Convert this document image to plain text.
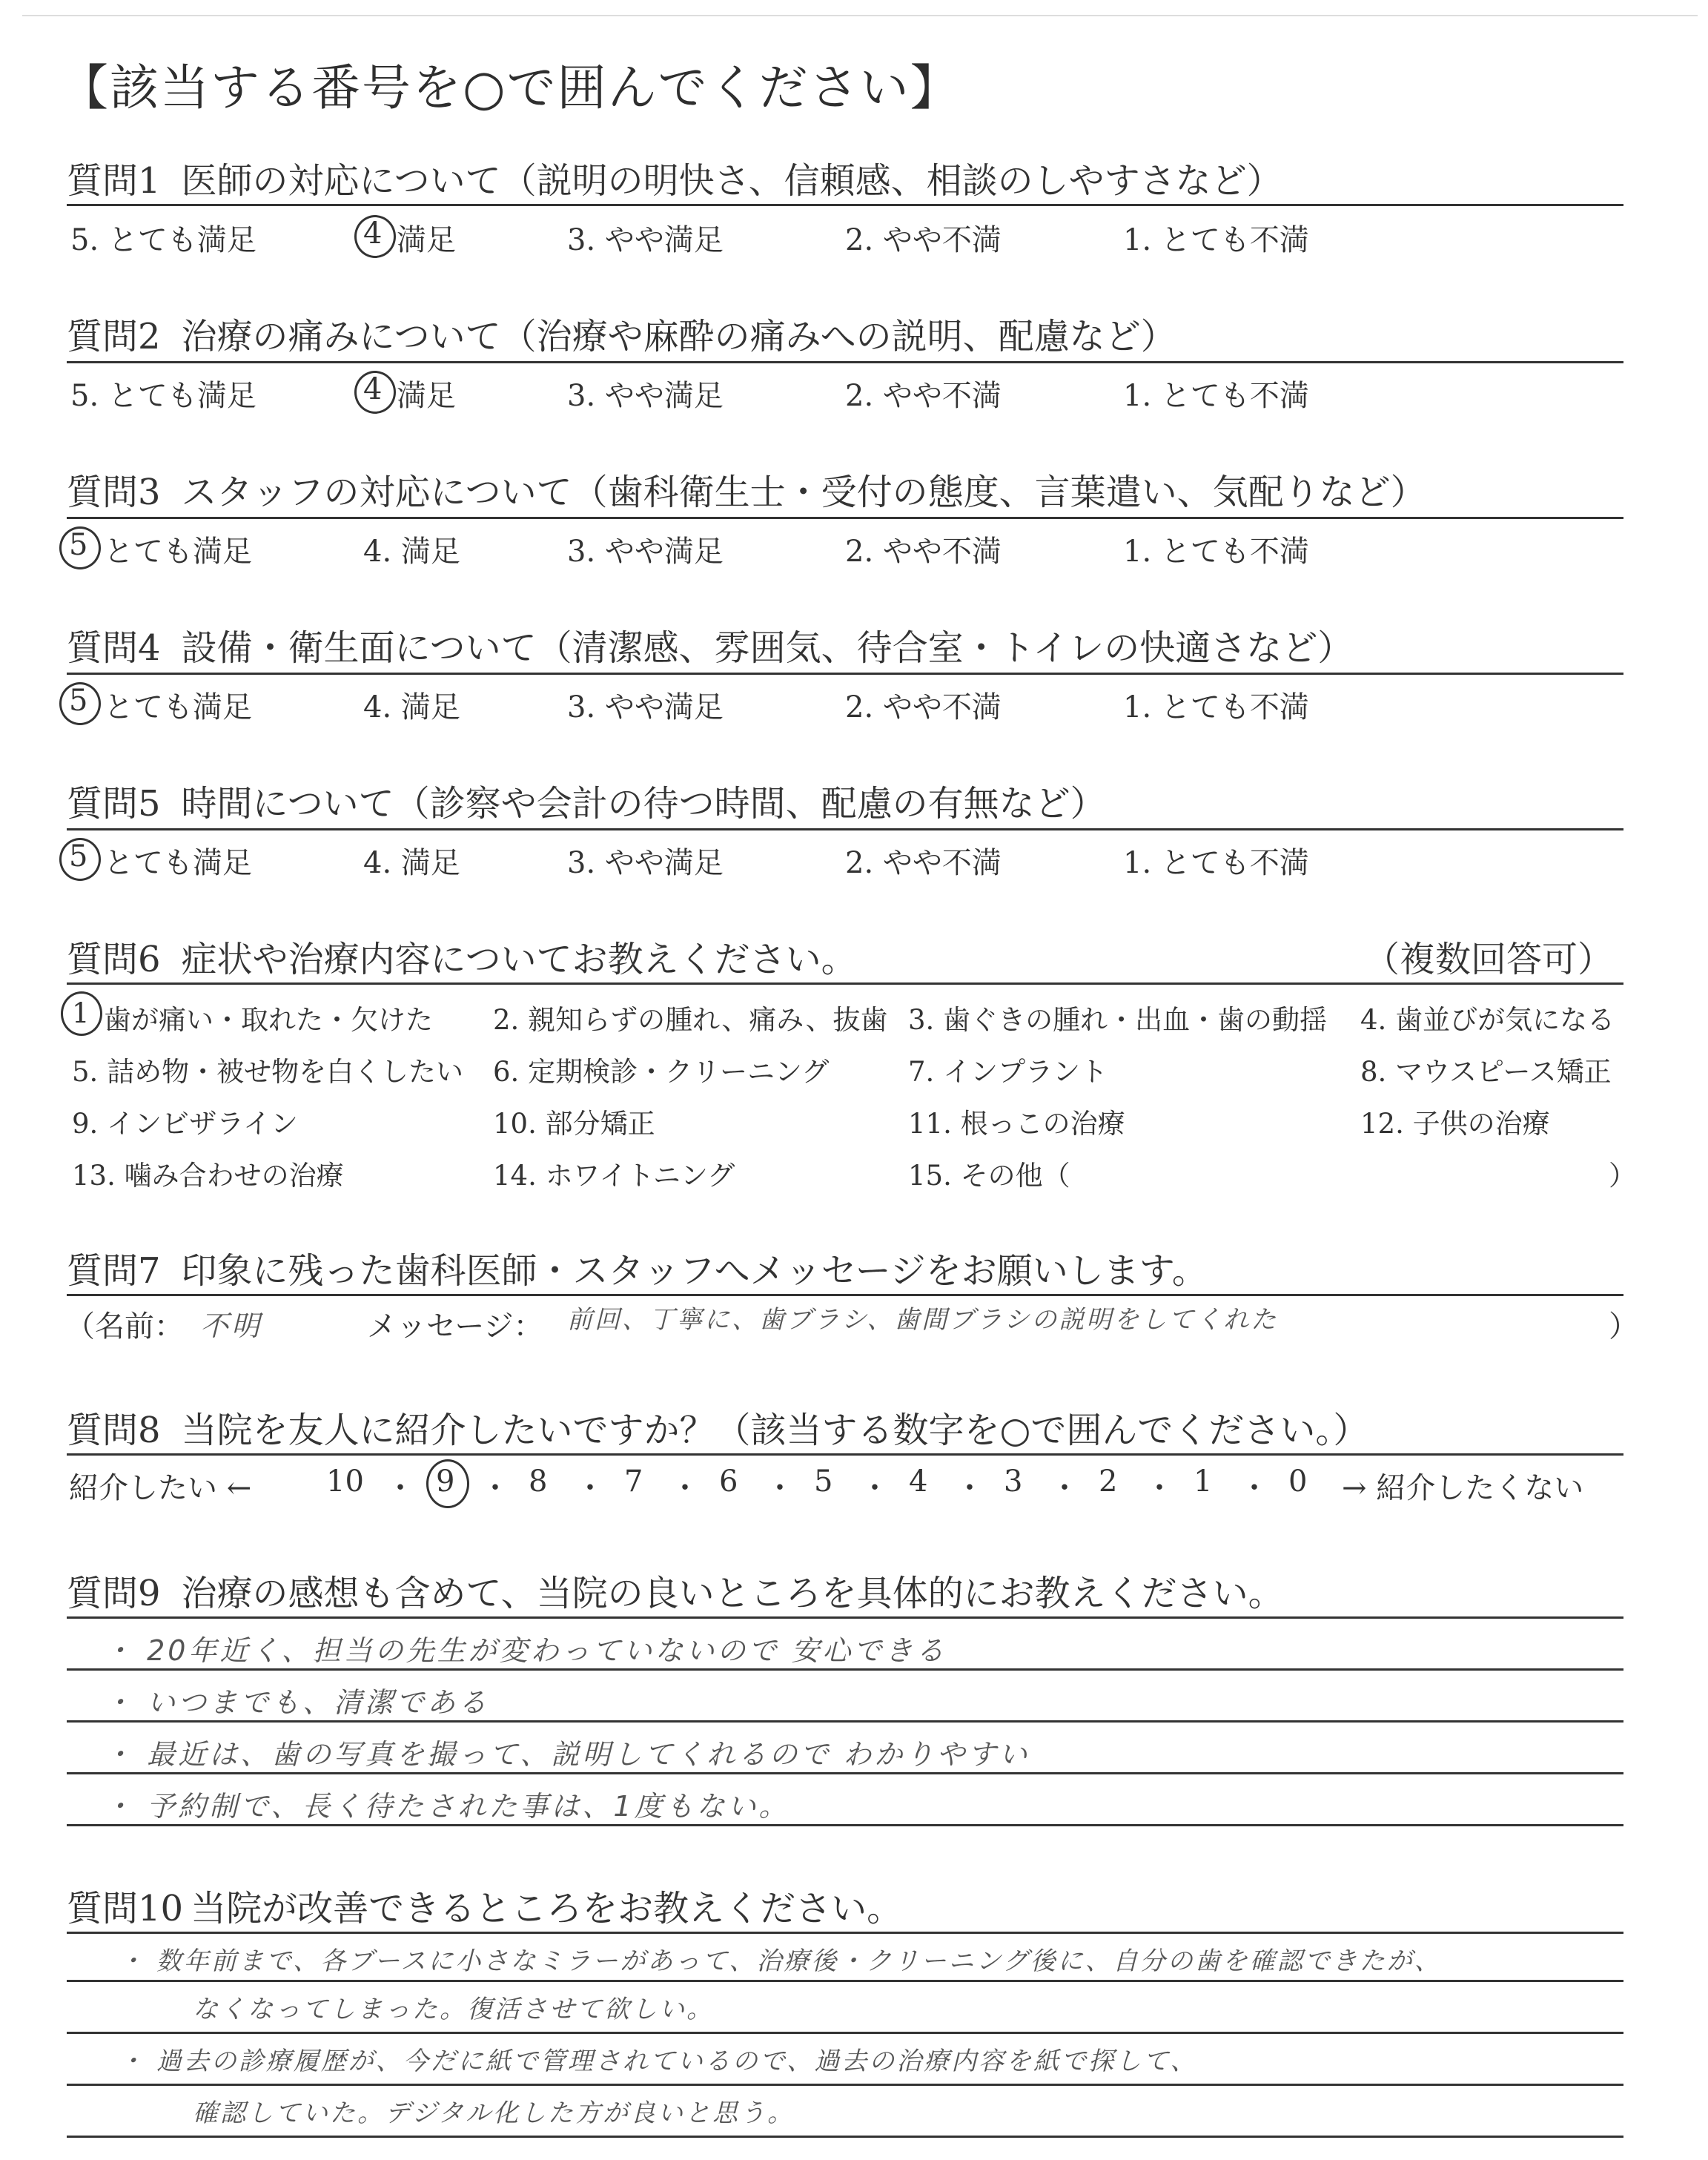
【該当する番号を○で囲んでください】
質問1 医師の対応について（説明の明快さ、信頼感、相談のしやすさなど）
5. とても満足	4 満足	3. やや満足	2. やや不満	1. とても不満
質問2 治療の痛みについて（治療や麻酔の痛みへの説明、配慮など）
5. とても満足	4 満足	3. やや満足	2. やや不満	1. とても不満
質問3 スタッフの対応について（歯科衛生士・受付の態度、言葉遣い、気配りなど）
5 とても満足	4. 満足	3. やや満足	2. やや不満	1. とても不満
質問4 設備・衛生面について（清潔感、雰囲気、待合室・トイレの快適さなど）
5 とても満足	4. 満足	3. やや満足	2. やや不満	1. とても不満
質問5 時間について（診察や会計の待つ時間、配慮の有無など）
5 とても満足	4. 満足	3. やや満足	2. やや不満	1. とても不満
質問6 症状や治療内容についてお教えください。	（複数回答可）
1 歯が痛い・取れた・欠けた 2. 親知らずの腫れ、痛み、抜歯 3. 歯ぐきの腫れ・出血・歯の動揺 4. 歯並びが気になる
5. 詰め物・被せ物を白くしたい 6. 定期検診・クリーニング	7. インプラント	8. マウスピース矯正
9. インビザライン	10. 部分矯正	11. 根っこの治療	12. 子供の治療
13. 噛み合わせの治療	14. ホワイトニング	15. その他（	）
質問7 印象に残った歯科医師・スタッフへメッセージをお願いします。
（名前： 不明	メッセージ： 前回、丁寧に、歯ブラシ、歯間ブラシの説明をしてくれた	）
質問8 当院を友人に紹介したいですか？（該当する数字を○で囲んでください。）
紹介したい ←	10 ・ 9 ・ 8 ・ 7 ・ 6 ・ 5 ・ 4 ・ 3 ・ 2 ・ 1 ・ 0 → 紹介したくない
質問9 治療の感想も含めて、当院の良いところを具体的にお教えください。
・ 20年近く、担当の先生が変わっていないので 安心できる
・ いつまでも、清潔である
・ 最近は、歯の写真を撮って、説明してくれるので わかりやすい
・ 予約制で、長く待たされた事は、1度もない。
質問10 当院が改善できるところをお教えください。
・ 数年前まで、各ブースに小さなミラーがあって、治療後・クリーニング後に、自分の歯を確認できたが、
なくなってしまった。復活させて欲しい。
・ 過去の診療履歴が、今だに紙で管理されているので、過去の治療内容を紙で探して、
確認していた。デジタル化した方が良いと思う。
